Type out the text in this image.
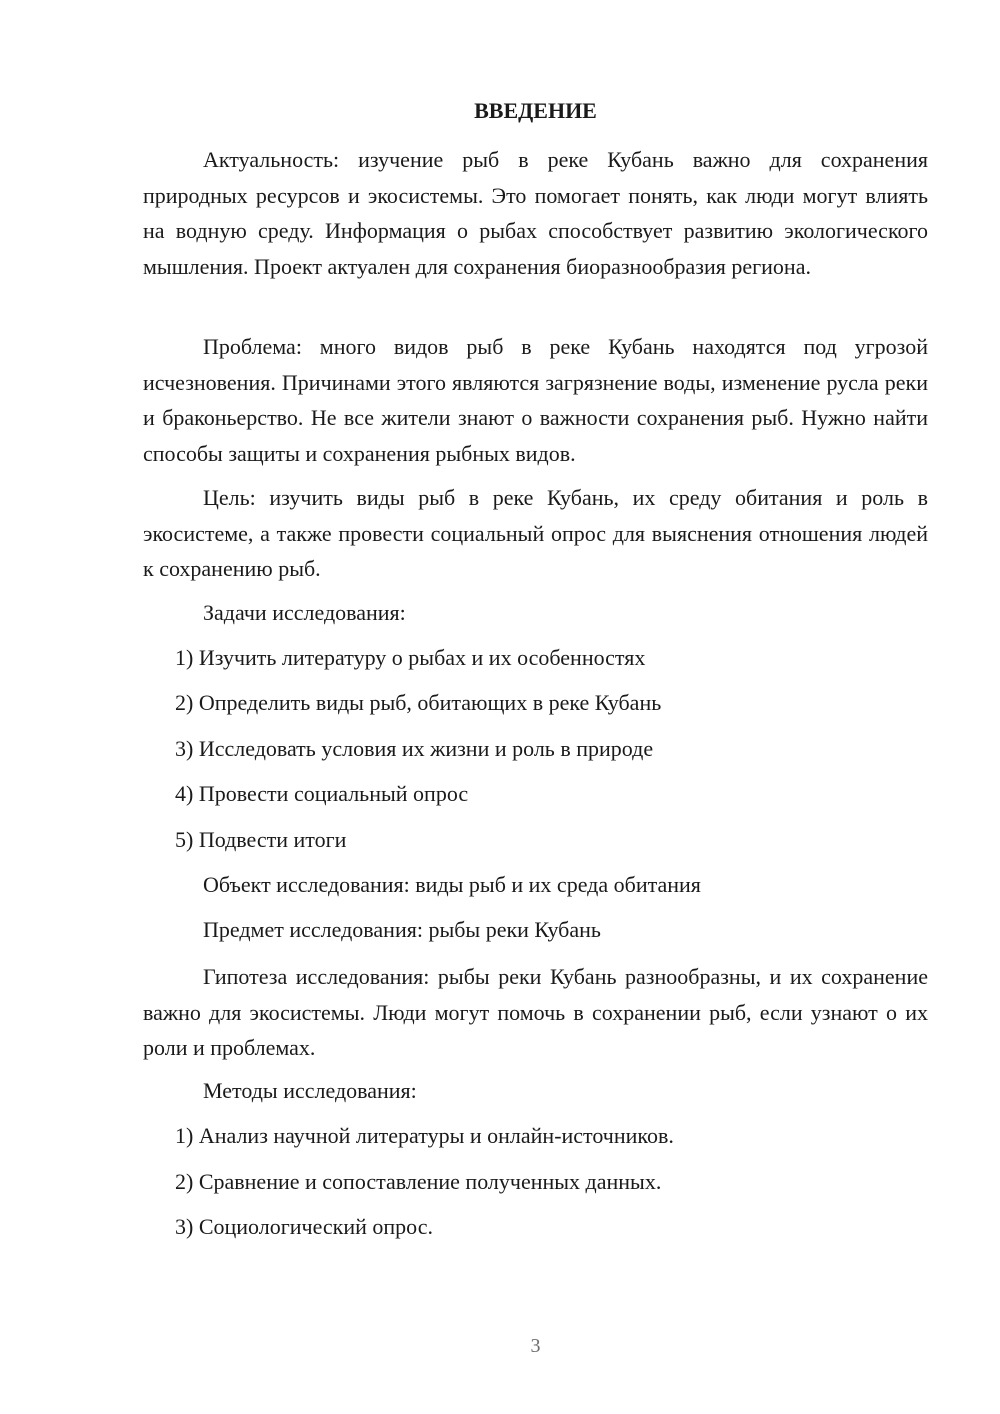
ВВЕДЕНИЕ

Актуальность: изучение рыб в реке Кубань важно для сохранения природных ресурсов и экосистемы. Это помогает понять, как люди могут влиять на водную среду. Информация о рыбах способствует развитию экологического мышления. Проект актуален для сохранения биоразнообразия региона.

Проблема: много видов рыб в реке Кубань находятся под угрозой исчезновения. Причинами этого являются загрязнение воды, изменение русла реки и браконьерство. Не все жители знают о важности сохранения рыб. Нужно найти способы защиты и сохранения рыбных видов.

Цель: изучить виды рыб в реке Кубань, их среду обитания и роль в экосистеме, а также провести социальный опрос для выяснения отношения людей к сохранению рыб.

Задачи исследования:

1) Изучить литературу о рыбах и их особенностях

2) Определить виды рыб, обитающих в реке Кубань

3) Исследовать условия их жизни и роль в природе

4) Провести социальный опрос

5) Подвести итоги

Объект исследования: виды рыб и их среда обитания

Предмет исследования: рыбы реки Кубань

Гипотеза исследования: рыбы реки Кубань разнообразны, и их сохранение важно для экосистемы. Люди могут помочь в сохранении рыб, если узнают о их роли и проблемах.

Методы исследования:

1) Анализ научной литературы и онлайн-источников.

2) Сравнение и сопоставление полученных данных.

3) Социологический опрос.

3
